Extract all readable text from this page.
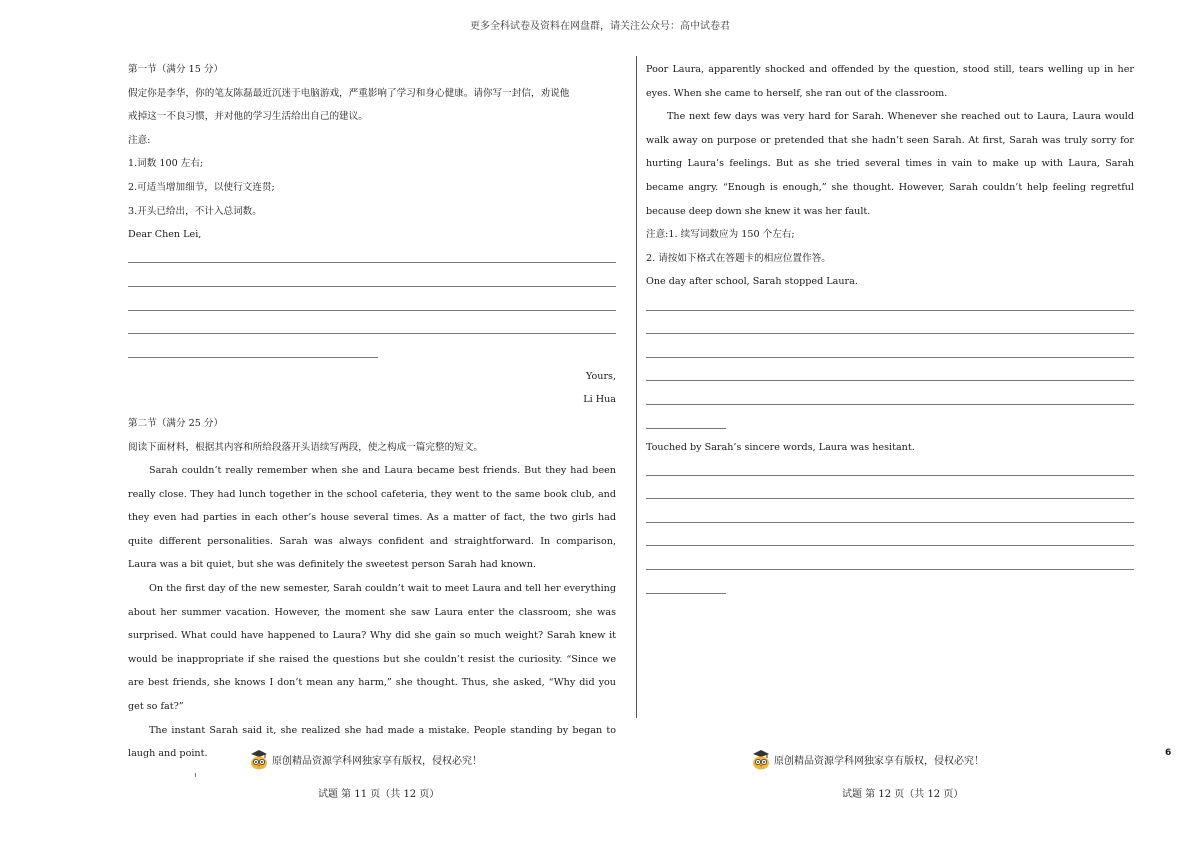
更多全科试卷及资料在网盘群，请关注公众号：高中试卷君
第一节（满分 15 分）
假定你是李华，你的笔友陈磊最近沉迷于电脑游戏，严重影响了学习和身心健康。请你写一封信，劝说他
戒掉这一不良习惯，并对他的学习生活给出自己的建议。
注意:
1.词数 100 左右;
2.可适当增加细节，以使行文连贯;
3.开头已给出，不计入总词数。
Dear Chen Lei,
Yours,
Li Hua
第二节（满分 25 分）
阅读下面材料，根据其内容和所给段落开头语续写两段，使之构成一篇完整的短文。
Sarah couldn’t really remember when she and Laura became best friends. But they had been really close. They had lunch together in the school cafeteria, they went to the same book club, and they even had parties in each other’s house several times. As a matter of fact, the two girls had quite different personalities. Sarah was always confident and straightforward. In comparison, Laura was a bit quiet, but she was definitely the sweetest person Sarah had known.
On the first day of the new semester, Sarah couldn’t wait to meet Laura and tell her everything about her summer vacation. However, the moment she saw Laura enter the classroom, she was surprised. What could have happened to Laura? Why did she gain so much weight? Sarah knew it would be inappropriate if she raised the questions but she couldn’t resist the curiosity. “Since we are best friends, she knows I don’t mean any harm,” she thought. Thus, she asked, “Why did you get so fat?”
The instant Sarah said it, she realized she had made a mistake. People standing by began to laugh and point.
Poor Laura, apparently shocked and offended by the question, stood still, tears welling up in her eyes. When she came to herself, she ran out of the classroom.
The next few days was very hard for Sarah. Whenever she reached out to Laura, Laura would walk away on purpose or pretended that she hadn’t seen Sarah. At first, Sarah was truly sorry for hurting Laura’s feelings. But as she tried several times in vain to make up with Laura, Sarah became angry. “Enough is enough,” she thought. However, Sarah couldn’t help feeling regretful because deep down she knew it was her fault.
注意:1. 续写词数应为 150 个左右;
2. 请按如下格式在答题卡的相应位置作答。
One day after school, Sarah stopped Laura.
Touched by Sarah’s sincere words, Laura was hesitant.
原创精品资源学科网独家享有版权，侵权必究！	原创精品资源学科网独家享有版权，侵权必究！
试题 第 11 页（共 12 页）	试题 第 12 页（共 12 页）
6
